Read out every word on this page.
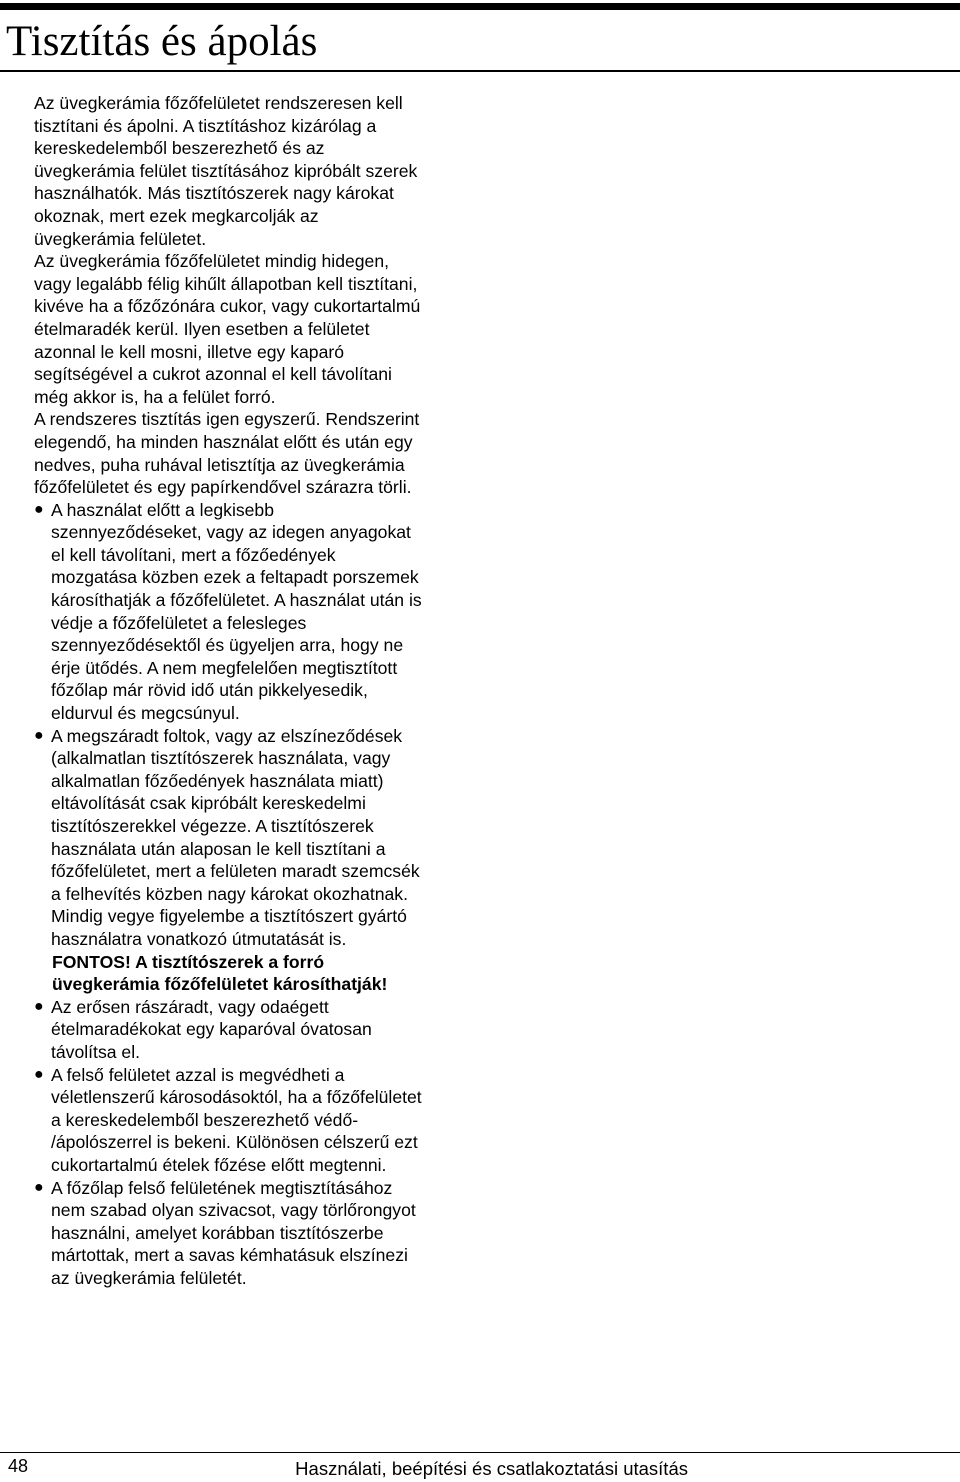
Tisztítás és ápolás

Az üvegkerámia főzőfelületet rendszeresen kell
tisztítani és ápolni. A tisztításhoz kizárólag a
kereskedelemből beszerezhető és az
üvegkerámia felület tisztításához kipróbált szerek
használhatók. Más tisztítószerek nagy károkat
okoznak, mert ezek megkarcolják az
üvegkerámia felületet.

Az üvegkerámia főzőfelületet mindig hidegen,
vagy legalább félig kihűlt állapotban kell tisztítani,
kivéve ha a főzőzónára cukor, vagy cukortartalmú
ételmaradék kerül. Ilyen esetben a felületet
azonnal le kell mosni, illetve egy kaparó
segítségével a cukrot azonnal el kell távolítani
még akkor is, ha a felület forró.

A rendszeres tisztítás igen egyszerű. Rendszerint
elegendő, ha minden használat előtt és után egy
nedves, puha ruhával letisztítja az üvegkerámia
főzőfelületet és egy papírkendővel szárazra törli.

● A használat előtt a legkisebb
szennyeződéseket, vagy az idegen anyagokat
el kell távolítani, mert a főzőedények
mozgatása közben ezek a feltapadt porszemek
károsíthatják a főzőfelületet. A használat után is
védje a főzőfelületet a felesleges
szennyeződésektől és ügyeljen arra, hogy ne
érje ütődés. A nem megfelelően megtisztított
főzőlap már rövid idő után pikkelyesedik,
eldurvul és megcsúnyul.
● A megszáradt foltok, vagy az elszíneződések
(alkalmatlan tisztítószerek használata, vagy
alkalmatlan főzőedények használata miatt)
eltávolítását csak kipróbált kereskedelmi
tisztítószerekkel végezze. A tisztítószerek
használata után alaposan le kell tisztítani a
főzőfelületet, mert a felületen maradt szemcsék
a felhevítés közben nagy károkat okozhatnak.
Mindig vegye figyelembe a tisztítószert gyártó
használatra vonatkozó útmutatását is.
FONTOS! A tisztítószerek a forró
üvegkerámia főzőfelületet károsíthatják!
● Az erősen rászáradt, vagy odaégett
ételmaradékokat egy kaparóval óvatosan
távolítsa el.
● A felső felületet azzal is megvédheti a
véletlenszerű károsodásoktól, ha a főzőfelületet
a kereskedelemből beszerezhető védő-
/ápolószerrel is bekeni. Különösen célszerű ezt
cukortartalmú ételek főzése előtt megtenni.
● A főzőlap felső felületének megtisztításához
nem szabad olyan szivacsot, vagy törlőrongyot
használni, amelyet korábban tisztítószerbe
mártottak, mert a savas kémhatásuk elszínezi
az üvegkerámia felületét.
48	Használati, beépítési és csatlakoztatási utasítás
